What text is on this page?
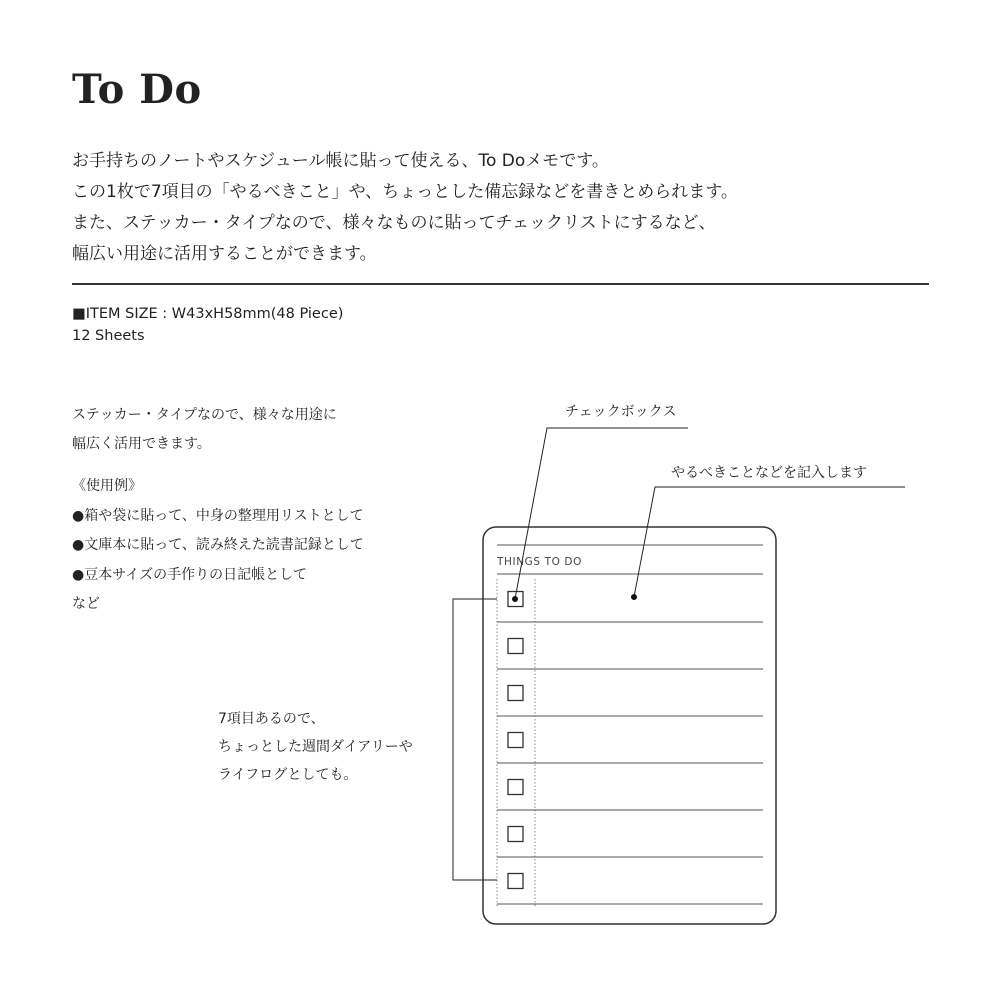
To Do
お手持ちのノートやスケジュール帳に貼って使える、To Doメモです。
この1枚で7項目の「やるべきこと」や、ちょっとした備忘録などを書きとめられます。
また、ステッカー・タイプなので、様々なものに貼ってチェックリストにするなど、
幅広い用途に活用することができます。
■ITEM SIZE : W43xH58mm(48 Piece)
12 Sheets
ステッカー・タイプなので、様々な用途に
幅広く活用できます。
《使用例》
●箱や袋に貼って、中身の整理用リストとして
●文庫本に貼って、読み終えた読書記録として
●豆本サイズの手作りの日記帳として
など
7項目あるので、
ちょっとした週間ダイアリーや
ライフログとしても。
チェックボックス
やるべきことなどを記入します
THINGS TO DO
